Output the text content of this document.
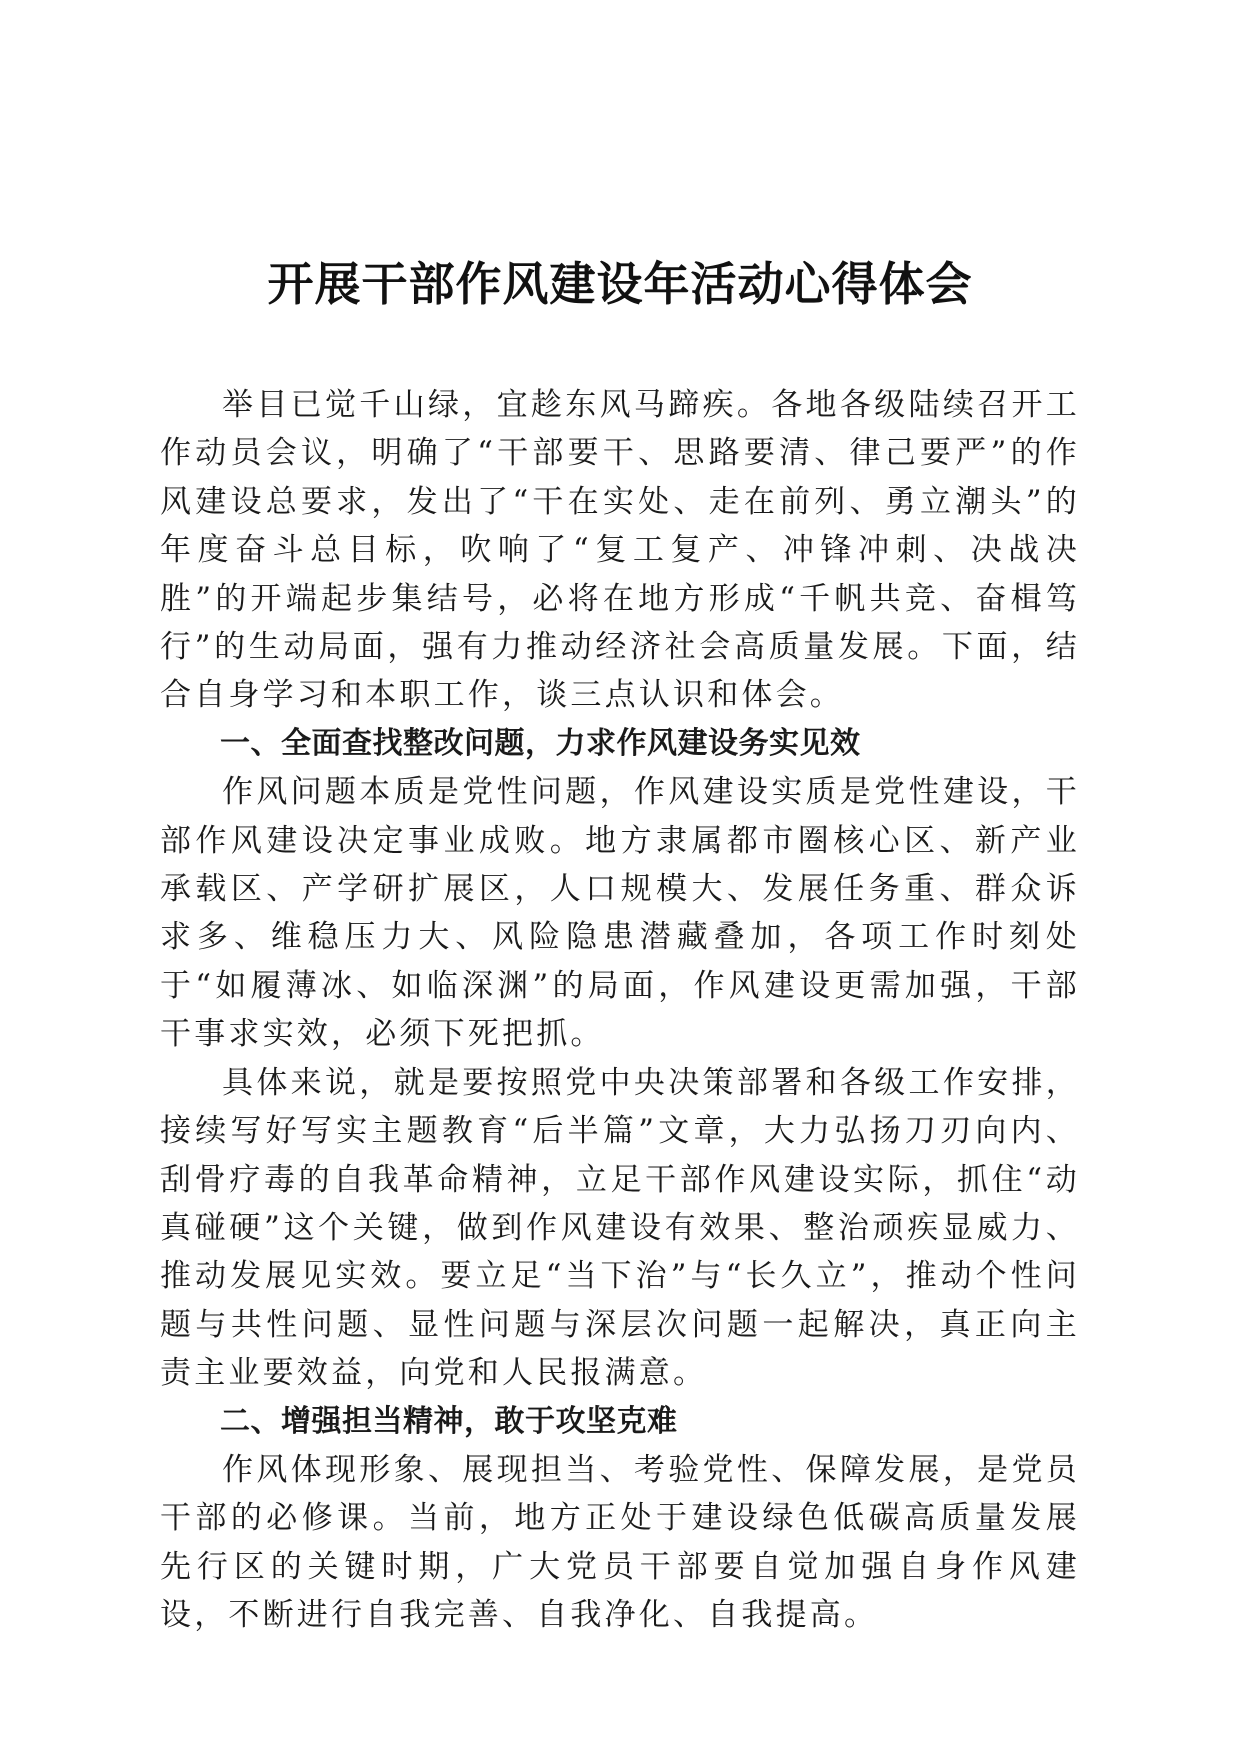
开展干部作风建设年活动心得体会

举目已觉千山绿，宜趁东风马蹄疾。各地各级陆续召开工作动员会议，明确了“干部要干、思路要清、律己要严”的作风建设总要求，发出了“干在实处、走在前列、勇立潮头”的年度奋斗总目标，吹响了“复工复产、冲锋冲刺、决战决胜”的开端起步集结号，必将在地方形成“千帆共竞、奋楫笃行”的生动局面，强有力推动经济社会高质量发展。下面，结合自身学习和本职工作，谈三点认识和体会。

一、全面查找整改问题，力求作风建设务实见效

作风问题本质是党性问题，作风建设实质是党性建设，干部作风建设决定事业成败。地方隶属都市圈核心区、新产业承载区、产学研扩展区，人口规模大、发展任务重、群众诉求多、维稳压力大、风险隐患潜藏叠加，各项工作时刻处于“如履薄冰、如临深渊”的局面，作风建设更需加强，干部干事求实效，必须下死把抓。

具体来说，就是要按照党中央决策部署和各级工作安排，接续写好写实主题教育“后半篇”文章，大力弘扬刀刃向内、刮骨疗毒的自我革命精神，立足干部作风建设实际，抓住“动真碰硬”这个关键，做到作风建设有效果、整治顽疾显威力、推动发展见实效。要立足“当下治”与“长久立”，推动个性问题与共性问题、显性问题与深层次问题一起解决，真正向主责主业要效益，向党和人民报满意。

二、增强担当精神，敢于攻坚克难

作风体现形象、展现担当、考验党性、保障发展，是党员干部的必修课。当前，地方正处于建设绿色低碳高质量发展先行区的关键时期，广大党员干部要自觉加强自身作风建设，不断进行自我完善、自我净化、自我提高。
